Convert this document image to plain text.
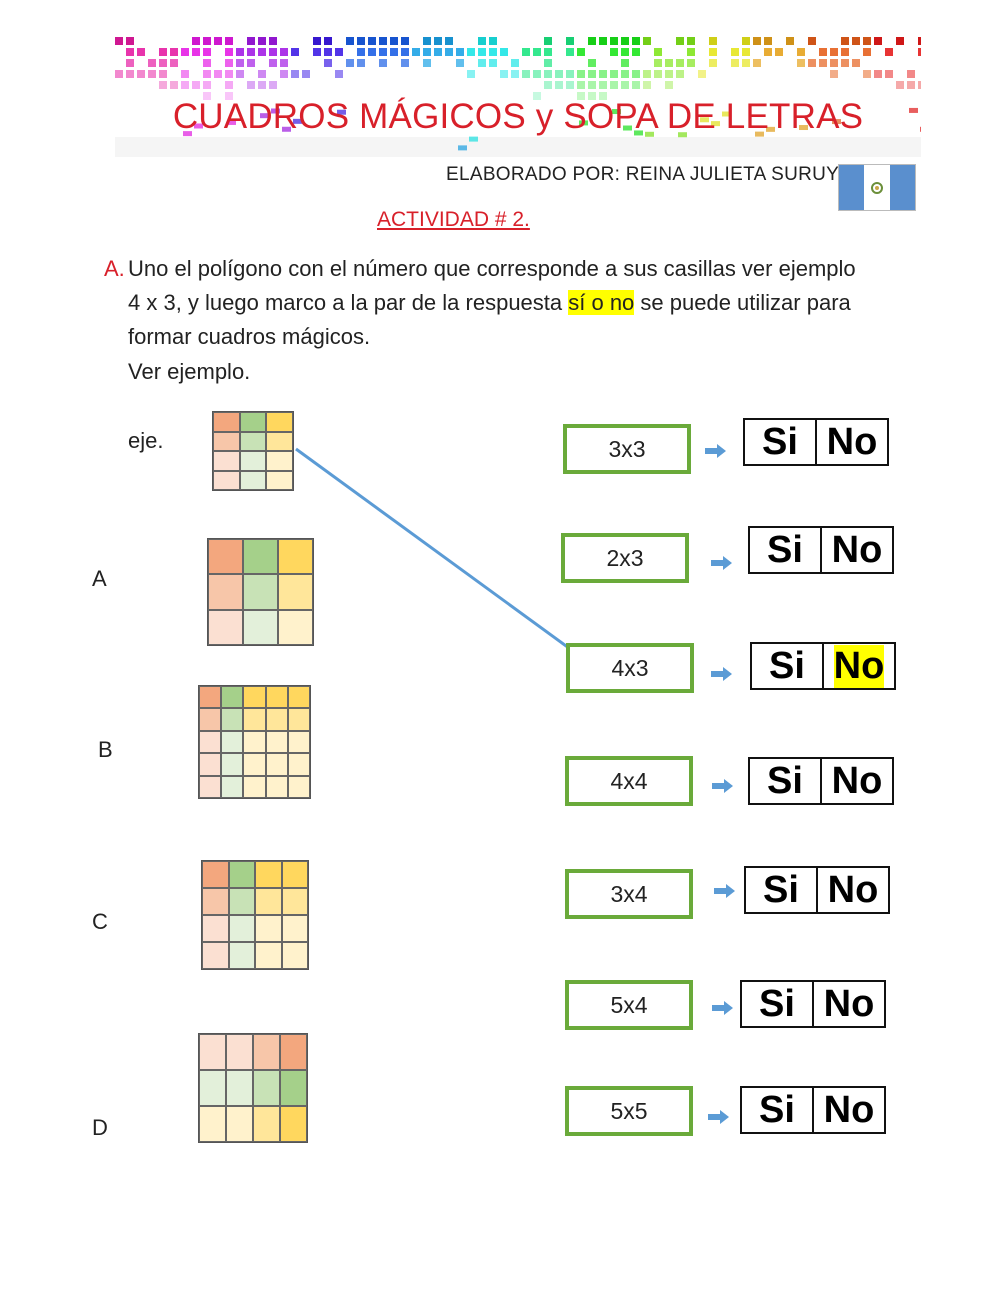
CUADROS MÁGICOS y SOPA DE LETRAS
ELABORADO POR: REINA JULIETA SURUY
ACTIVIDAD # 2.
A. Uno el polígono con el número que corresponde a sus casillas ver ejemplo
4 x 3, y luego marco a la par de la respuesta sí o no se puede utilizar para
formar cuadros mágicos.
Ver ejemplo.
eje.
A
B
C
D
3x3	Si No
2x3	Si No
4x3	Si No
4x4	Si No
3x4	Si No
5x4	Si No
5x5	Si No
